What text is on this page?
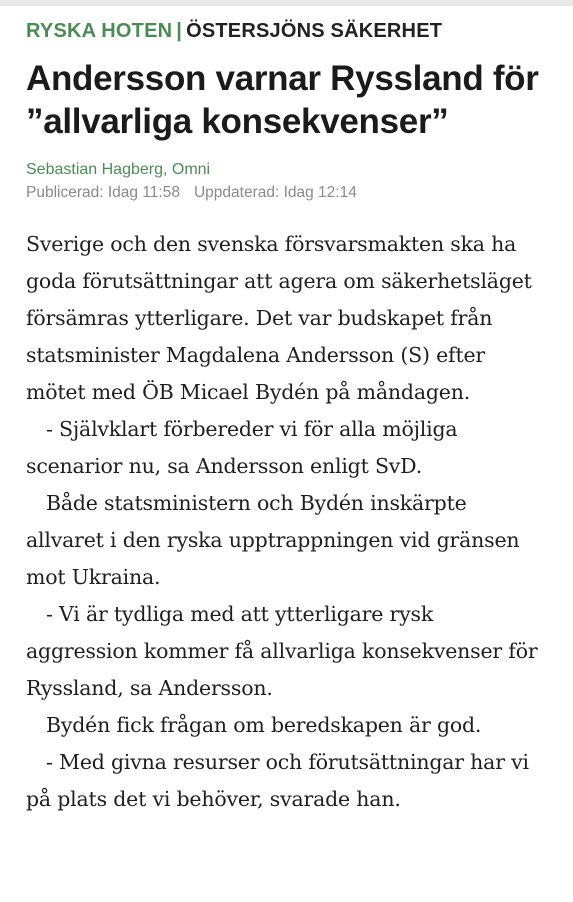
RYSKA HOTEN | ÖSTERSJÖNS SÄKERHET
Andersson varnar Ryssland för ”allvarliga konsekvenser”
Sebastian Hagberg, Omni
Publicerad: Idag 11:58 Uppdaterad: Idag 12:14

Sverige och den svenska försvarsmakten ska ha goda förutsättningar att agera om säkerhetsläget försämras ytterligare. Det var budskapet från statsminister Magdalena Andersson (S) efter mötet med ÖB Micael Bydén på måndagen.

- Självklart förbereder vi för alla möjliga scenarior nu, sa Andersson enligt SvD.

Både statsministern och Bydén inskärpte allvaret i den ryska upptrappningen vid gränsen mot Ukraina.

- Vi är tydliga med att ytterligare rysk aggression kommer få allvarliga konsekvenser för Ryssland, sa Andersson.

Bydén fick frågan om beredskapen är god.

- Med givna resurser och förutsättningar har vi på plats det vi behöver, svarade han.
